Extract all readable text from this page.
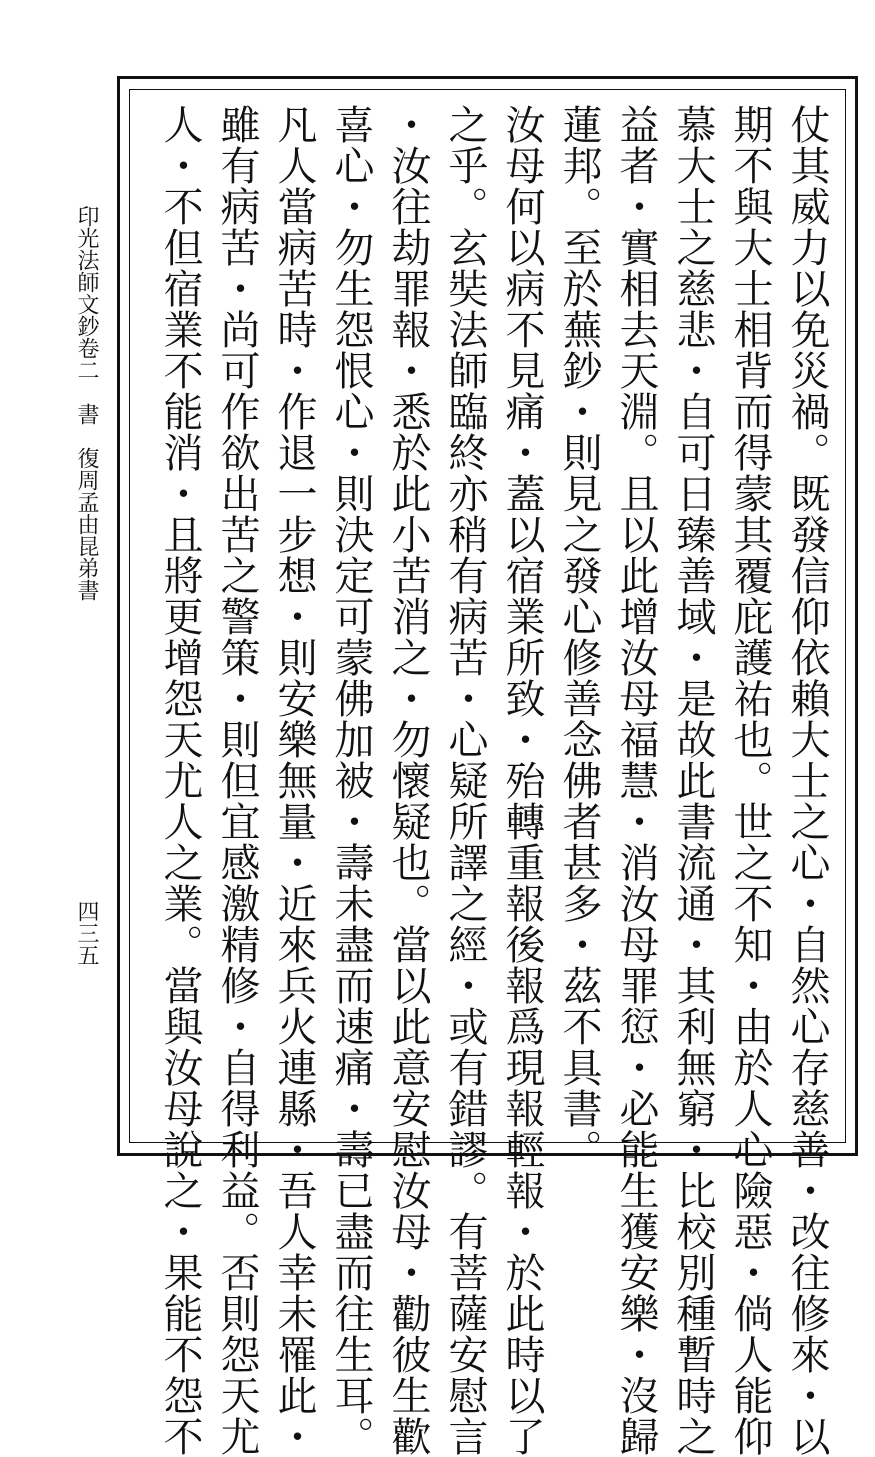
印光法師文鈔卷二　書　復周孟由昆弟書
四三五	仗其威力以免災禍。既發信仰依賴大士之心・自然心存慈善・改往修來・以
期不與大士相背而得蒙其覆庇護祐也。世之不知・由於人心險惡・倘人能仰
慕大士之慈悲・自可日臻善域・是故此書流通・其利無窮・比校別種暫時之
益者・實相去天淵。且以此增汝母福慧・消汝母罪愆・必能生獲安樂・沒歸
蓮邦。至於蕪鈔・則見之發心修善念佛者甚多・茲不具書。
汝母何以病不見痛・蓋以宿業所致・殆轉重報後報爲現報輕報・於此時以了
之乎。玄奘法師臨終亦稍有病苦・心疑所譯之經・或有錯謬。有菩薩安慰言
・汝往劫罪報・悉於此小苦消之・勿懷疑也。當以此意安慰汝母・勸彼生歡
喜心・勿生怨恨心・則決定可蒙佛加被・壽未盡而速痛・壽已盡而往生耳。
凡人當病苦時・作退一步想・則安樂無量・近來兵火連縣・吾人幸未罹此・
雖有病苦・尚可作欲出苦之警策・則但宜感激精修・自得利益。否則怨天尤
人・不但宿業不能消・且將更增怨天尤人之業。當與汝母說之・果能不怨不
